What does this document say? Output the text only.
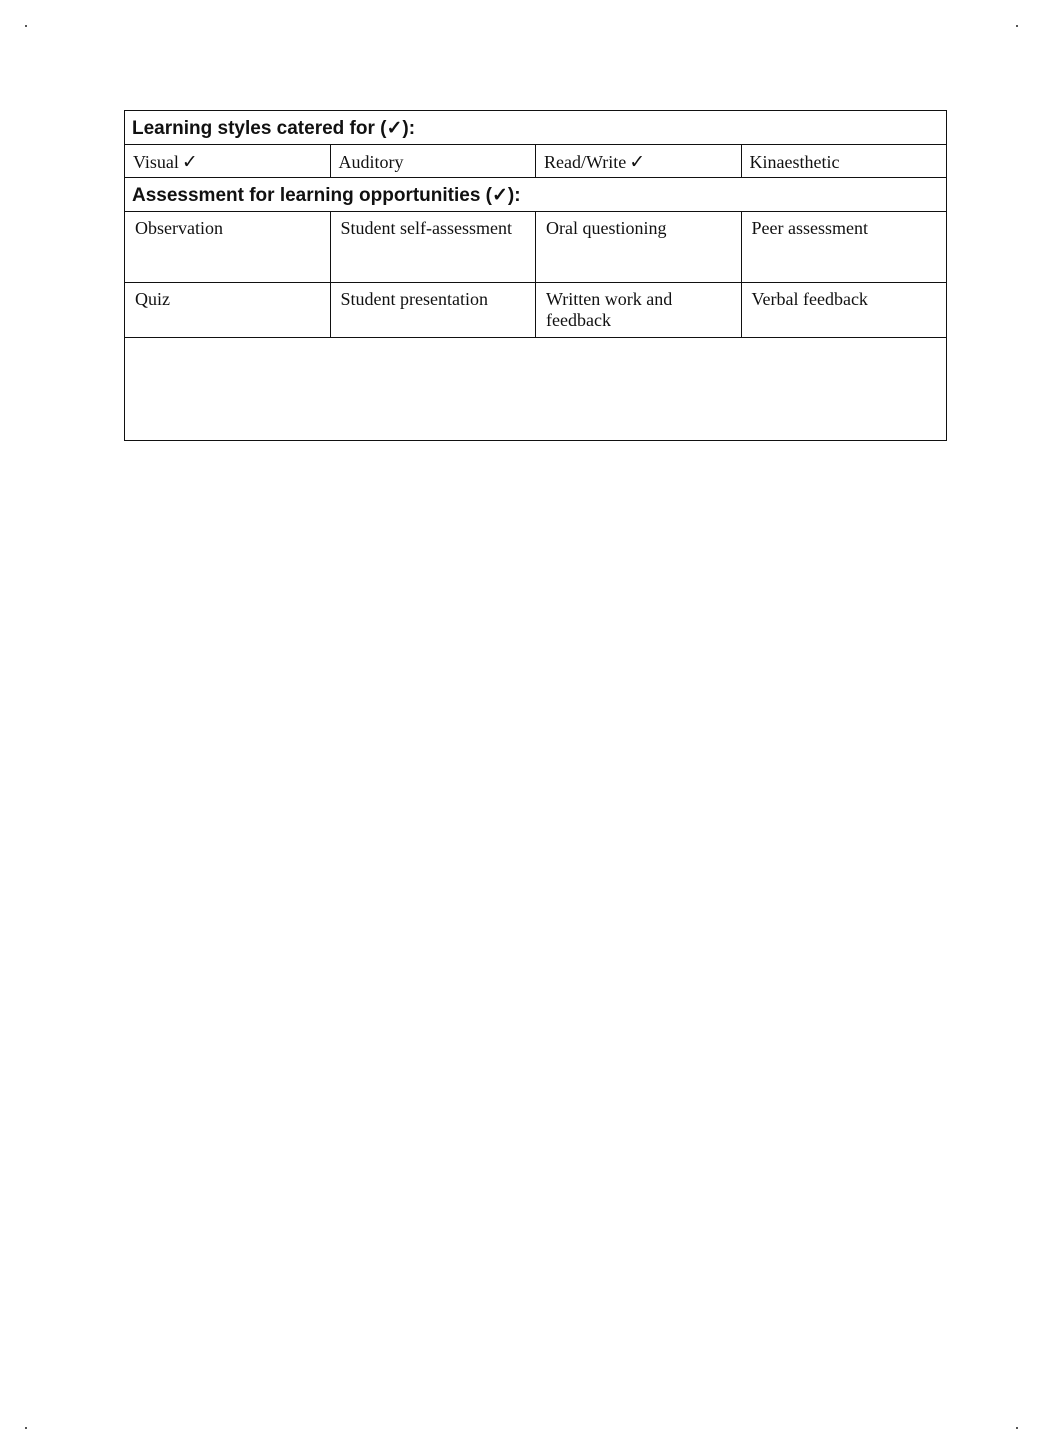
Learning styles catered for (✓):			
Visual ✓	Auditory	Read/Write ✓	Kinaesthetic
Assessment for learning opportunities (✓):			
Observation	Student self-assessment	Oral questioning	Peer assessment
Quiz	Student presentation	Written work and feedback	Verbal feedback
